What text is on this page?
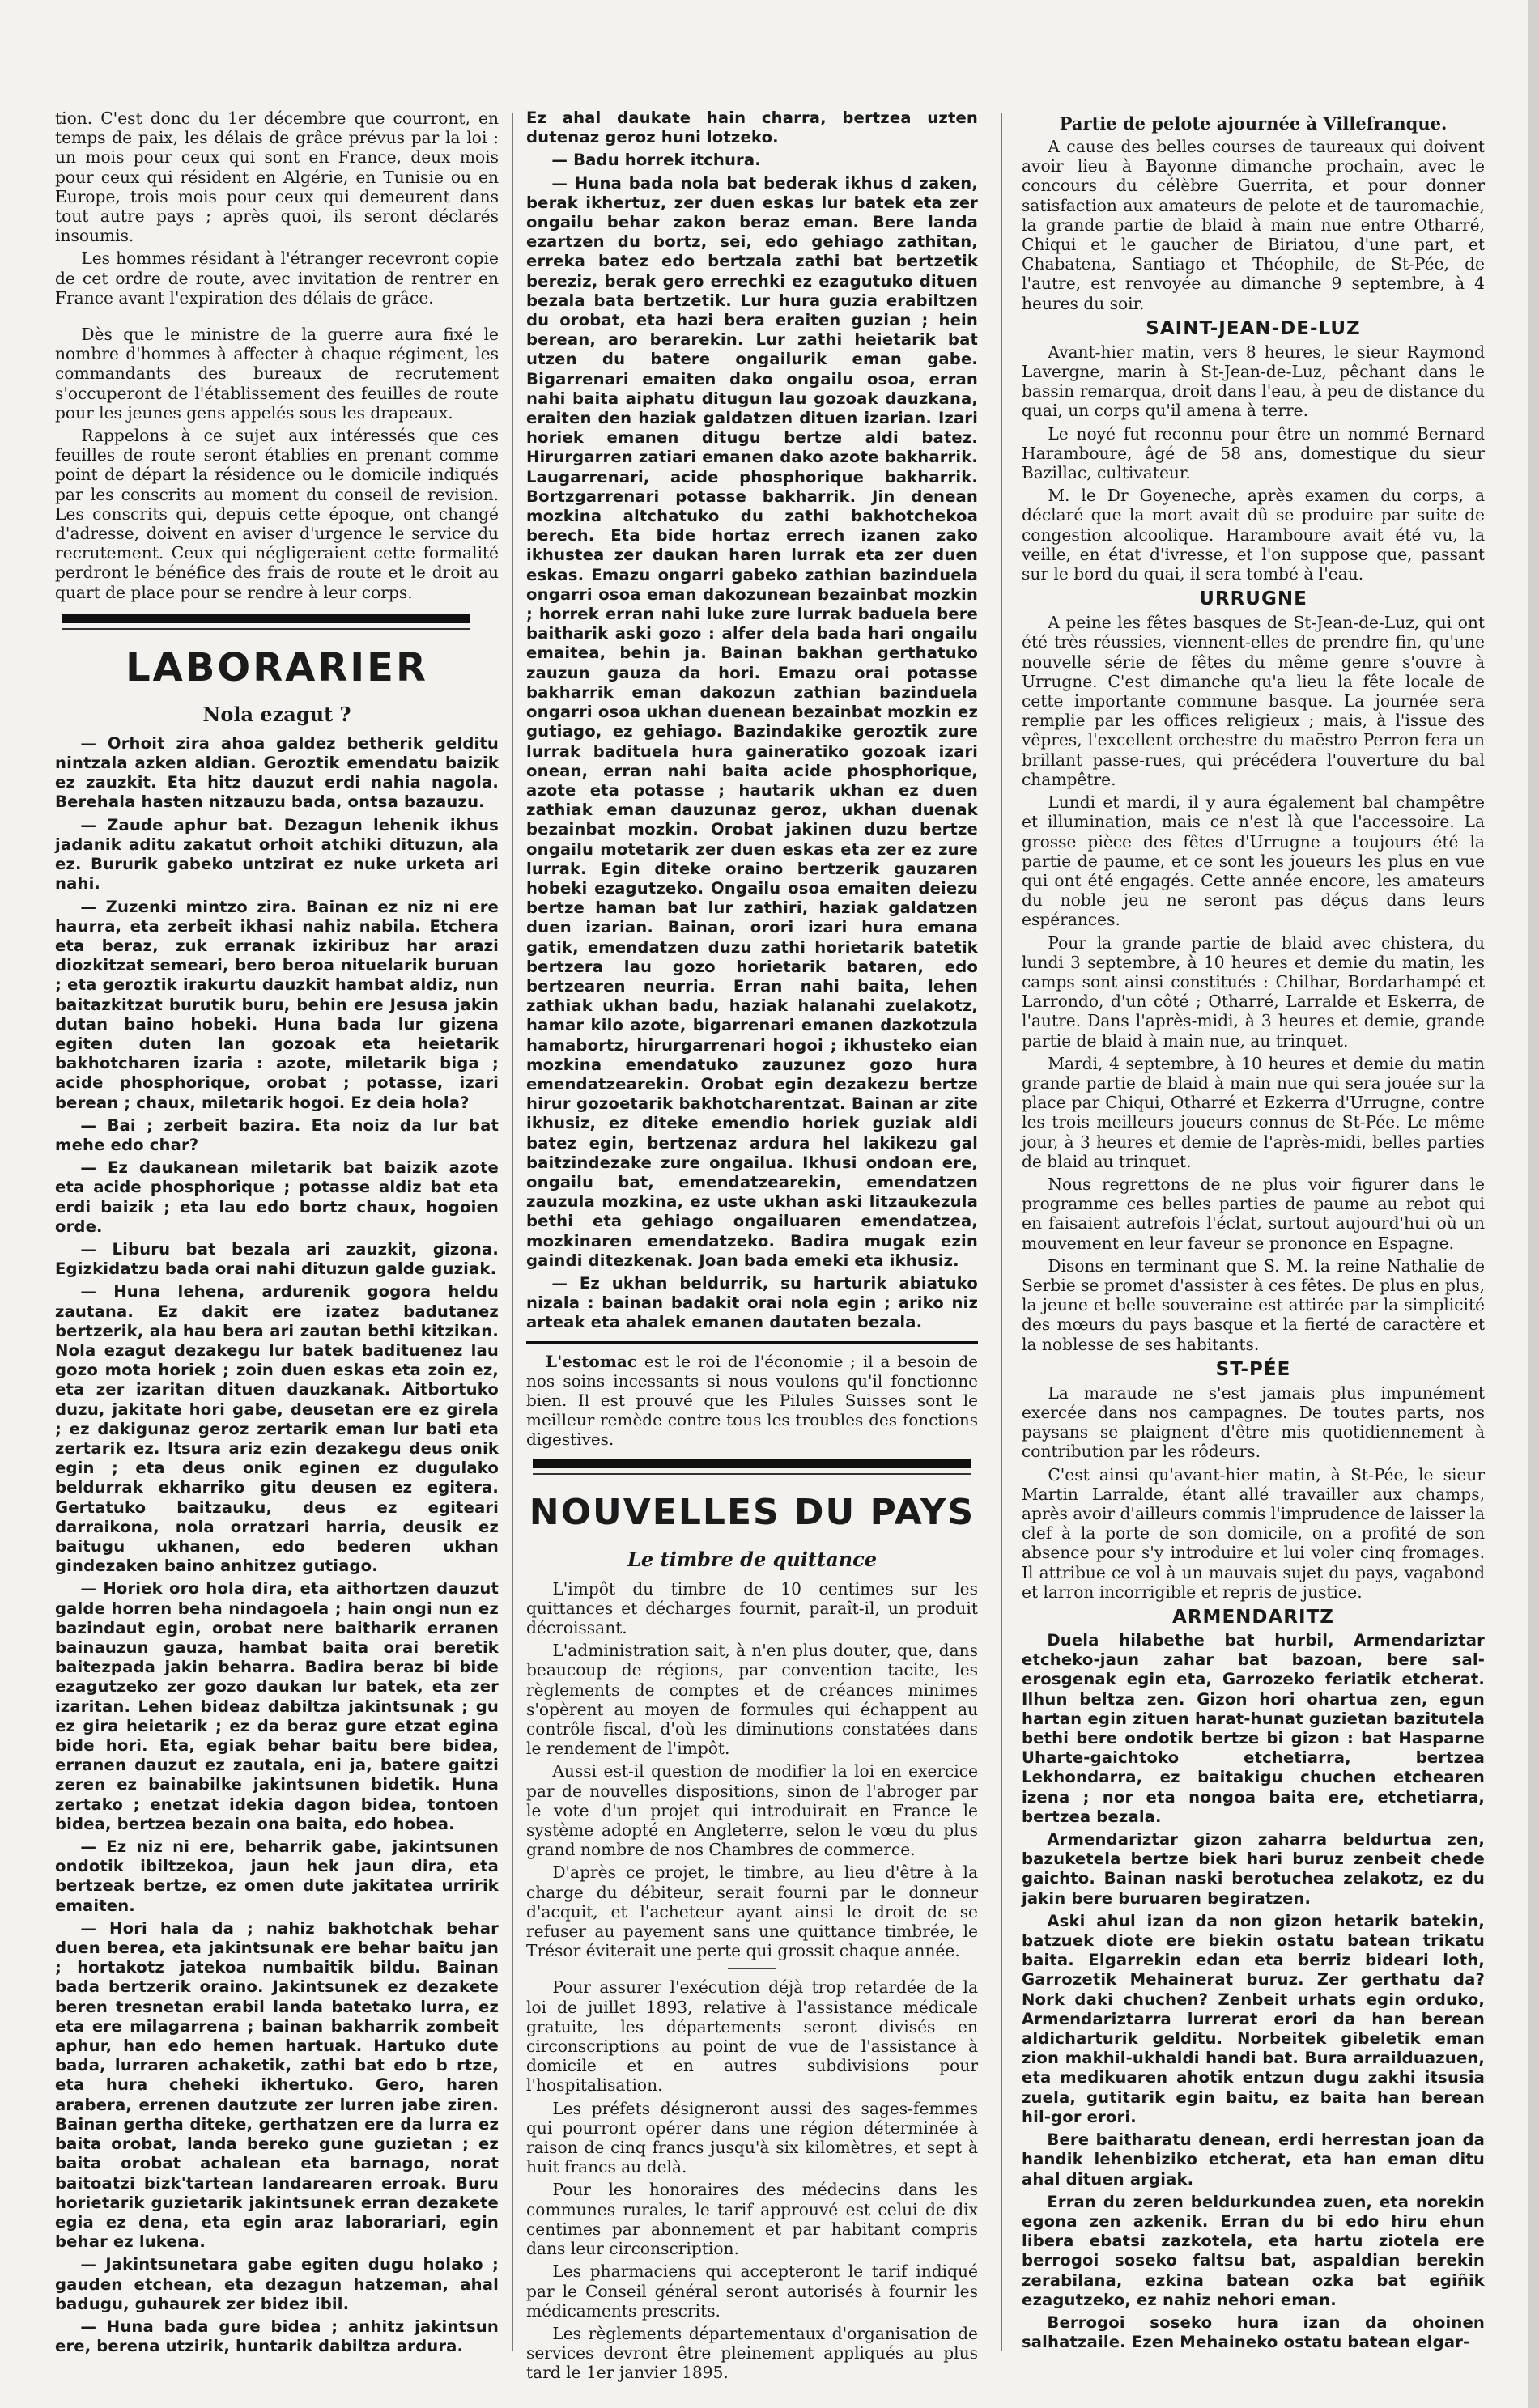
tion. C'est donc du 1er décembre que courront, en temps de paix, les délais de grâce prévus par la loi : un mois pour ceux qui sont en France, deux mois pour ceux qui résident en Algérie, en Tunisie ou en Europe, trois mois pour ceux qui demeurent dans tout autre pays ; après quoi, ils seront déclarés insoumis.

Les hommes résidant à l'étranger recevront copie de cet ordre de route, avec invitation de rentrer en France avant l'expiration des délais de grâce.

Dès que le ministre de la guerre aura fixé le nombre d'hommes à affecter à chaque régiment, les commandants des bureaux de recrutement s'occuperont de l'établissement des feuilles de route pour les jeunes gens appelés sous les drapeaux.

Rappelons à ce sujet aux intéressés que ces feuilles de route seront établies en prenant comme point de départ la résidence ou le domicile indiqués par les conscrits au moment du conseil de revision. Les conscrits qui, depuis cette époque, ont changé d'adresse, doivent en aviser d'urgence le service du recrutement. Ceux qui négligeraient cette formalité perdront le bénéfice des frais de route et le droit au quart de place pour se rendre à leur corps.

LABORARIER
Nola ezagut ?

— Orhoit zira ahoa galdez betherik gelditu nintzala azken aldian. Geroztik emendatu baizik ez zauzkit. Eta hitz dauzut erdi nahia nagola. Berehala hasten nitzauzu bada, ontsa bazauzu.

— Zaude aphur bat. Dezagun lehenik ikhus jadanik aditu zakatut orhoit atchiki dituzun, ala ez. Bururik gabeko untzirat ez nuke urketa ari nahi.

— Zuzenki mintzo zira. Bainan ez niz ni ere haurra, eta zerbeit ikhasi nahiz nabila. Etchera eta beraz, zuk erranak izkiribuz har arazi diozkitzat semeari, bero beroa nituelarik buruan ; eta geroztik irakurtu dauzkit hambat aldiz, nun baitazkitzat burutik buru, behin ere Jesusa jakin dutan baino hobeki. Huna bada lur gizena egiten duten lan gozoak eta heietarik bakhotcharen izaria : azote, miletarik biga ; acide phosphorique, orobat ; potasse, izari berean ; chaux, miletarik hogoi. Ez deia hola?

— Bai ; zerbeit bazira. Eta noiz da lur bat mehe edo char?

— Ez daukanean miletarik bat baizik azote eta acide phosphorique ; potasse aldiz bat eta erdi baizik ; eta lau edo bortz chaux, hogoien orde.

— Liburu bat bezala ari zauzkit, gizona. Egizkidatzu bada orai nahi dituzun galde guziak.

— Huna lehena, ardurenik gogora heldu zautana. Ez dakit ere izatez badutanez bertzerik, ala hau bera ari zautan bethi kitzikan. Nola ezagut dezakegu lur batek badituenez lau gozo mota horiek ; zoin duen eskas eta zoin ez, eta zer izaritan dituen dauzkanak. Aitbortuko duzu, jakitate hori gabe, deusetan ere ez girela ; ez dakigunaz geroz zertarik eman lur bati eta zertarik ez. Itsura ariz ezin dezakegu deus onik egin ; eta deus onik eginen ez dugulako beldurrak ekharriko gitu deusen ez egitera. Gertatuko baitzauku, deus ez egiteari darraikona, nola orratzari harria, deusik ez baitugu ukhanen, edo bederen ukhan gindezaken baino anhitzez gutiago.

— Horiek oro hola dira, eta aithortzen dauzut galde horren beha nindagoela ; hain ongi nun ez bazindaut egin, orobat nere baitharik erranen bainauzun gauza, hambat baita orai beretik baitezpada jakin beharra. Badira beraz bi bide ezagutzeko zer gozo daukan lur batek, eta zer izaritan. Lehen bideaz dabiltza jakintsunak ; gu ez gira heietarik ; ez da beraz gure etzat egina bide hori. Eta, egiak behar baitu bere bidea, erranen dauzut ez zautala, eni ja, batere gaitzi zeren ez bainabilke jakintsunen bidetik. Huna zertako ; enetzat idekia dagon bidea, tontoen bidea, bertzea bezain ona baita, edo hobea.

— Ez niz ni ere, beharrik gabe, jakintsunen ondotik ibiltzekoa, jaun hek jaun dira, eta bertzeak bertze, ez omen dute jakitatea urririk emaiten.

— Hori hala da ; nahiz bakhotchak behar duen berea, eta jakintsunak ere behar baitu jan ; hortakotz jatekoa numbaitik bildu. Bainan bada bertzerik oraino. Jakintsunek ez dezakete beren tresnetan erabil landa batetako lurra, ez eta ere milagarrena ; bainan bakharrik zombeit aphur, han edo hemen hartuak. Hartuko dute bada, lurraren achaketik, zathi bat edo b rtze, eta hura cheheki ikhertuko. Gero, haren arabera, errenen dautzute zer lurren jabe ziren. Bainan gertha diteke, gerthatzen ere da lurra ez baita orobat, landa bereko gune guzietan ; ez baita orobat achalean eta barnago, norat baitoatzi bizk'tartean landarearen erroak. Buru horietarik guzietarik jakintsunek erran dezakete egia ez dena, eta egin araz laborariari, egin behar ez lukena.

— Jakintsunetara gabe egiten dugu holako ; gauden etchean, eta dezagun hatzeman, ahal badugu, guhaurek zer bidez ibil.

— Huna bada gure bidea ; anhitz jakintsun ere, berena utzirik, huntarik dabiltza ardura.

Ez ahal daukate hain charra, bertzea uzten dutenaz geroz huni lotzeko.

— Badu horrek itchura.

— Huna bada nola bat bederak ikhus d zaken, berak ikhertuz, zer duen eskas lur batek eta zer ongailu behar zakon beraz eman. Bere landa ezartzen du bortz, sei, edo gehiago zathitan, erreka batez edo bertzala zathi bat bertzetik bereziz, berak gero errechki ez ezagutuko dituen bezala bata bertzetik. Lur hura guzia erabiltzen du orobat, eta hazi bera eraiten guzian ; hein berean, aro berarekin. Lur zathi heietarik bat utzen du batere ongailurik eman gabe. Bigarrenari emaiten dako ongailu osoa, erran nahi baita aiphatu ditugun lau gozoak dauzkana, eraiten den haziak galdatzen dituen izarian. Izari horiek emanen ditugu bertze aldi batez. Hirurgarren zatiari emanen dako azote bakharrik. Laugarrenari, acide phosphorique bakharrik. Bortzgarrenari potasse bakharrik. Jin denean mozkina altchatuko du zathi bakhotchekoa berech. Eta bide hortaz errech izanen zako ikhustea zer daukan haren lurrak eta zer duen eskas. Emazu ongarri gabeko zathian bazinduela ongarri osoa eman dakozunean bezainbat mozkin ; horrek erran nahi luke zure lurrak baduela bere baitharik aski gozo : alfer dela bada hari ongailu emaitea, behin ja. Bainan bakhan gerthatuko zauzun gauza da hori. Emazu orai potasse bakharrik eman dakozun zathian bazinduela ongarri osoa ukhan duenean bezainbat mozkin ez gutiago, ez gehiago. Bazindakike geroztik zure lurrak badituela hura gaineratiko gozoak izari onean, erran nahi baita acide phosphorique, azote eta potasse ; hautarik ukhan ez duen zathiak eman dauzunaz geroz, ukhan duenak bezainbat mozkin. Orobat jakinen duzu bertze ongailu motetarik zer duen eskas eta zer ez zure lurrak. Egin diteke oraino bertzerik gauzaren hobeki ezagutzeko. Ongailu osoa emaiten deiezu bertze haman bat lur zathiri, haziak galdatzen duen izarian. Bainan, orori izari hura emana gatik, emendatzen duzu zathi horietarik batetik bertzera lau gozo horietarik bataren, edo bertzearen neurria. Erran nahi baita, lehen zathiak ukhan badu, haziak halanahi zuelakotz, hamar kilo azote, bigarrenari emanen dazkotzula hamabortz, hirurgarrenari hogoi ; ikhusteko eian mozkina emendatuko zauzunez gozo hura emendatzearekin. Orobat egin dezakezu bertze hirur gozoetarik bakhotcharentzat. Bainan ar zite ikhusiz, ez diteke emendio horiek guziak aldi batez egin, bertzenaz ardura hel lakikezu gal baitzindezake zure ongailua. Ikhusi ondoan ere, ongailu bat, emendatzearekin, emendatzen zauzula mozkina, ez uste ukhan aski litzaukezula bethi eta gehiago ongailuaren emendatzea, mozkinaren emendatzeko. Badira mugak ezin gaindi ditezkenak. Joan bada emeki eta ikhusiz.

— Ez ukhan beldurrik, su harturik abiatuko nizala : bainan badakit orai nola egin ; ariko niz arteak eta ahalek emanen dautaten bezala.

L'estomac est le roi de l'économie ; il a besoin de nos soins incessants si nous voulons qu'il fonctionne bien. Il est prouvé que les Pilules Suisses sont le meilleur remède contre tous les troubles des fonctions digestives.

NOUVELLES DU PAYS
Le timbre de quittance

L'impôt du timbre de 10 centimes sur les quittances et décharges fournit, paraît-il, un produit décroissant.

L'administration sait, à n'en plus douter, que, dans beaucoup de régions, par convention tacite, les règlements de comptes et de créances minimes s'opèrent au moyen de formules qui échappent au contrôle fiscal, d'où les diminutions constatées dans le rendement de l'impôt.

Aussi est-il question de modifier la loi en exercice par de nouvelles dispositions, sinon de l'abroger par le vote d'un projet qui introduirait en France le système adopté en Angleterre, selon le vœu du plus grand nombre de nos Chambres de commerce.

D'après ce projet, le timbre, au lieu d'être à la charge du débiteur, serait fourni par le donneur d'acquit, et l'acheteur ayant ainsi le droit de se refuser au payement sans une quittance timbrée, le Trésor éviterait une perte qui grossit chaque année.

Pour assurer l'exécution déjà trop retardée de la loi de juillet 1893, relative à l'assistance médicale gratuite, les départements seront divisés en circonscriptions au point de vue de l'assistance à domicile et en autres subdivisions pour l'hospitalisation.

Les préfets désigneront aussi des sages-femmes qui pourront opérer dans une région déterminée à raison de cinq francs jusqu'à six kilomètres, et sept à huit francs au delà.

Pour les honoraires des médecins dans les communes rurales, le tarif approuvé est celui de dix centimes par abonnement et par habitant compris dans leur circonscription.

Les pharmaciens qui accepteront le tarif indiqué par le Conseil général seront autorisés à fournir les médicaments prescrits.

Les règlements départementaux d'organisation de services devront être pleinement appliqués au plus tard le 1er janvier 1895.

Partie de pelote ajournée à Villefranque.

A cause des belles courses de taureaux qui doivent avoir lieu à Bayonne dimanche prochain, avec le concours du célèbre Guerrita, et pour donner satisfaction aux amateurs de pelote et de tauromachie, la grande partie de blaid à main nue entre Otharré, Chiqui et le gaucher de Biriatou, d'une part, et Chabatena, Santiago et Théophile, de St-Pée, de l'autre, est renvoyée au dimanche 9 septembre, à 4 heures du soir.

SAINT-JEAN-DE-LUZ

Avant-hier matin, vers 8 heures, le sieur Raymond Lavergne, marin à St-Jean-de-Luz, pêchant dans le bassin remarqua, droit dans l'eau, à peu de distance du quai, un corps qu'il amena à terre.

Le noyé fut reconnu pour être un nommé Bernard Haramboure, âgé de 58 ans, domestique du sieur Bazillac, cultivateur.

M. le Dr Goyeneche, après examen du corps, a déclaré que la mort avait dû se produire par suite de congestion alcoolique. Haramboure avait été vu, la veille, en état d'ivresse, et l'on suppose que, passant sur le bord du quai, il sera tombé à l'eau.

URRUGNE

A peine les fêtes basques de St-Jean-de-Luz, qui ont été très réussies, viennent-elles de prendre fin, qu'une nouvelle série de fêtes du même genre s'ouvre à Urrugne. C'est dimanche qu'a lieu la fête locale de cette importante commune basque. La journée sera remplie par les offices religieux ; mais, à l'issue des vêpres, l'excellent orchestre du maëstro Perron fera un brillant passe-rues, qui précédera l'ouverture du bal champêtre.

Lundi et mardi, il y aura également bal champêtre et illumination, mais ce n'est là que l'accessoire. La grosse pièce des fêtes d'Urrugne a toujours été la partie de paume, et ce sont les joueurs les plus en vue qui ont été engagés. Cette année encore, les amateurs du noble jeu ne seront pas déçus dans leurs espérances.

Pour la grande partie de blaid avec chistera, du lundi 3 septembre, à 10 heures et demie du matin, les camps sont ainsi constitués : Chilhar, Bordarhampé et Larrondo, d'un côté ; Otharré, Larralde et Eskerra, de l'autre. Dans l'après-midi, à 3 heures et demie, grande partie de blaid à main nue, au trinquet.

Mardi, 4 septembre, à 10 heures et demie du matin grande partie de blaid à main nue qui sera jouée sur la place par Chiqui, Otharré et Ezkerra d'Urrugne, contre les trois meilleurs joueurs connus de St-Pée. Le même jour, à 3 heures et demie de l'après-midi, belles parties de blaid au trinquet.

Nous regrettons de ne plus voir figurer dans le programme ces belles parties de paume au rebot qui en faisaient autrefois l'éclat, surtout aujourd'hui où un mouvement en leur faveur se prononce en Espagne.

Disons en terminant que S. M. la reine Nathalie de Serbie se promet d'assister à ces fêtes. De plus en plus, la jeune et belle souveraine est attirée par la simplicité des mœurs du pays basque et la fierté de caractère et la noblesse de ses habitants.

ST-PÉE

La maraude ne s'est jamais plus impunément exercée dans nos campagnes. De toutes parts, nos paysans se plaignent d'être mis quotidiennement à contribution par les rôdeurs.

C'est ainsi qu'avant-hier matin, à St-Pée, le sieur Martin Larralde, étant allé travailler aux champs, après avoir d'ailleurs commis l'imprudence de laisser la clef à la porte de son domicile, on a profité de son absence pour s'y introduire et lui voler cinq fromages. Il attribue ce vol à un mauvais sujet du pays, vagabond et larron incorrigible et repris de justice.

ARMENDARITZ

Duela hilabethe bat hurbil, Armendariztar etcheko-jaun zahar bat bazoan, bere sal-erosgenak egin eta, Garrozeko feriatik etcherat. Ilhun beltza zen. Gizon hori ohartua zen, egun hartan egin zituen harat-hunat guzietan bazitutela bethi bere ondotik bertze bi gizon : bat Hasparne Uharte-gaichtoko etchetiarra, bertzea Lekhondarra, ez baitakigu chuchen etchearen izena ; nor eta nongoa baita ere, etchetiarra, bertzea bezala.

Armendariztar gizon zaharra beldurtua zen, bazuketela bertze biek hari buruz zenbeit chede gaichto. Bainan naski berotuchea zelakotz, ez du jakin bere buruaren begiratzen.

Aski ahul izan da non gizon hetarik batekin, batzuek diote ere biekin ostatu batean trikatu baita. Elgarrekin edan eta berriz bideari loth, Garrozetik Mehainerat buruz. Zer gerthatu da? Nork daki chuchen? Zenbeit urhats egin orduko, Armendariztarra lurrerat erori da han berean aldicharturik gelditu. Norbeitek gibeletik eman zion makhil-ukhaldi handi bat. Bura arrailduazuen, eta medikuaren ahotik entzun dugu zakhi itsusia zuela, gutitarik egin baitu, ez baita han berean hil-gor erori.

Bere baitharatu denean, erdi herrestan joan da handik lehenbiziko etcherat, eta han eman ditu ahal dituen argiak.

Erran du zeren beldurkundea zuen, eta norekin egona zen azkenik. Erran du bi edo hiru ehun libera ebatsi zazkotela, eta hartu ziotela ere berrogoi soseko faltsu bat, aspaldian berekin zerabilana, ezkina batean ozka bat egiñik ezagutzeko, ez nahiz nehori eman.

Berrogoi soseko hura izan da ohoinen salhatzaile. Ezen Mehaineko ostatu batean elgar-
